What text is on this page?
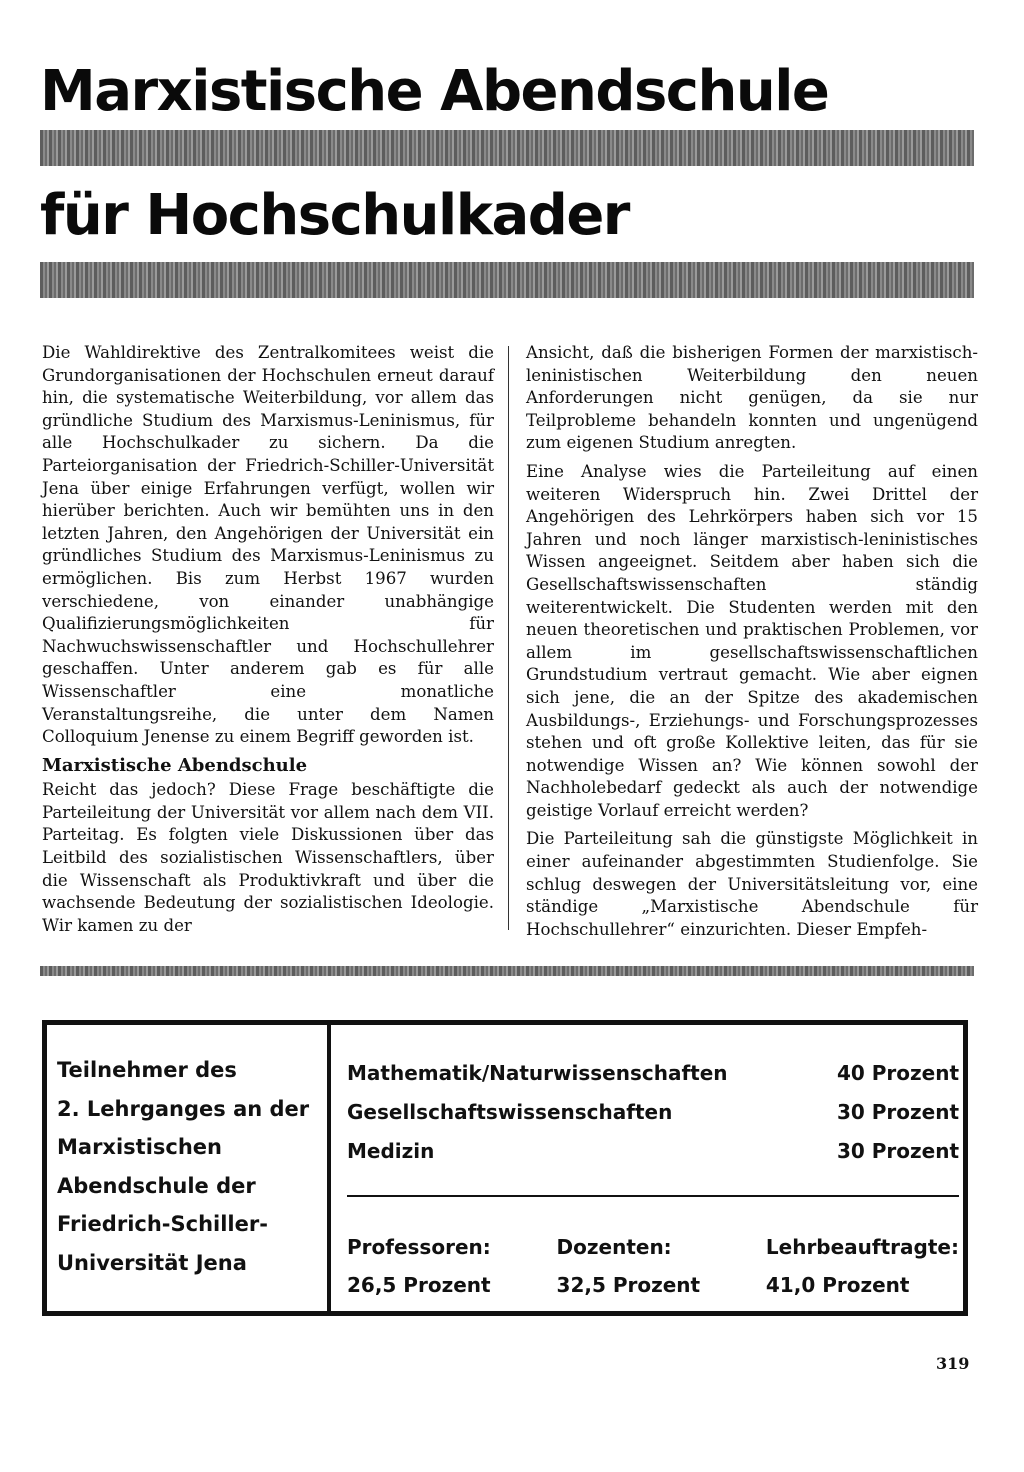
Marxistische Abendschule
für Hochschulkader

Die Wahldirektive des Zentralkomitees weist die Grundorganisationen der Hochschulen erneut darauf hin, die systematische Weiterbildung, vor allem das gründliche Studium des Marxismus-Leninismus, für alle Hochschulkader zu sichern. Da die Parteiorganisation der Friedrich-Schiller-Universität Jena über einige Erfahrungen verfügt, wollen wir hierüber berichten. Auch wir bemühten uns in den letzten Jahren, den Angehörigen der Universität ein gründliches Studium des Marxismus-Leninismus zu ermöglichen. Bis zum Herbst 1967 wurden verschiedene, von einander unabhängige Qualifizierungsmöglichkeiten für Nachwuchswissenschaftler und Hochschullehrer geschaffen. Unter anderem gab es für alle Wissenschaftler eine monatliche Veranstaltungsreihe, die unter dem Namen Colloquium Jenense zu einem Begriff geworden ist.

Marxistische Abendschule

Reicht das jedoch? Diese Frage beschäftigte die Parteileitung der Universität vor allem nach dem VII. Parteitag. Es folgten viele Diskussionen über das Leitbild des sozialistischen Wissenschaftlers, über die Wissenschaft als Produktivkraft und über die wachsende Bedeutung der sozialistischen Ideologie. Wir kamen zu der

Ansicht, daß die bisherigen Formen der marxistisch-leninistischen Weiterbildung den neuen Anforderungen nicht genügen, da sie nur Teilprobleme behandeln konnten und ungenügend zum eigenen Studium anregten.

Eine Analyse wies die Parteileitung auf einen weiteren Widerspruch hin. Zwei Drittel der Angehörigen des Lehrkörpers haben sich vor 15 Jahren und noch länger marxistisch-leninistisches Wissen angeeignet. Seitdem aber haben sich die Gesellschaftswissenschaften ständig weiterentwickelt. Die Studenten werden mit den neuen theoretischen und praktischen Problemen, vor allem im gesellschaftswissenschaftlichen Grundstudium vertraut gemacht. Wie aber eignen sich jene, die an der Spitze des akademischen Ausbildungs-, Erziehungs- und Forschungsprozesses stehen und oft große Kollektive leiten, das für sie notwendige Wissen an? Wie können sowohl der Nachholebedarf gedeckt als auch der notwendige geistige Vorlauf erreicht werden?

Die Parteileitung sah die günstigste Möglichkeit in einer aufeinander abgestimmten Studienfolge. Sie schlug deswegen der Universitätsleitung vor, eine ständige „Marxistische Abendschule für Hochschullehrer“ einzurichten. Dieser Empfeh-

Teilnehmer des
2. Lehrganges an der
Marxistischen
Abendschule der
Friedrich-Schiller-
Universität Jena
Mathematik/Naturwissenschaften	40 Prozent
Gesellschaftswissenschaften	30 Prozent
Medizin	30 Prozent
Professoren:
26,5 Prozent
Dozenten:
32,5 Prozent
Lehrbeauftragte:
41,0 Prozent
319
